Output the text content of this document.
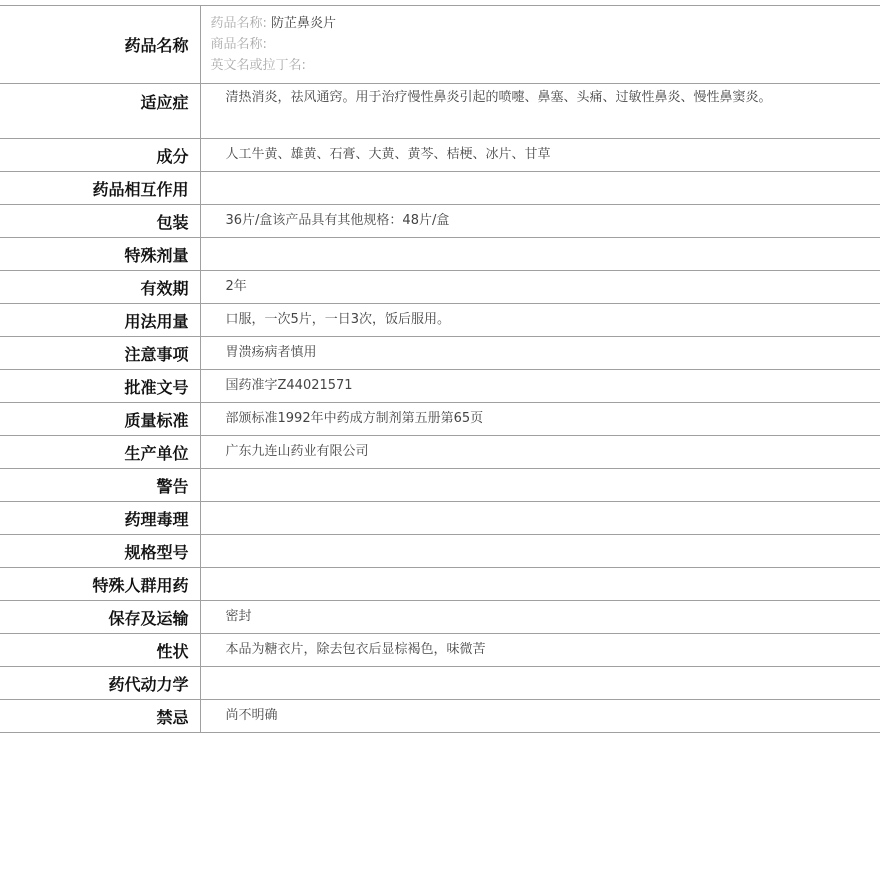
药品名称	药品名称: 防芷鼻炎片
商品名称:
英文名或拉丁名:

适应症	清热消炎，祛风通窍。用于治疗慢性鼻炎引起的喷嚏、鼻塞、头痛、过敏性鼻炎、慢性鼻窦炎。
成分	人工牛黄、雄黄、石膏、大黄、黄芩、桔梗、冰片、甘草
药品相互作用	
包装	36片/盒该产品具有其他规格：48片/盒
特殊剂量	
有效期	2年
用法用量	口服，一次5片，一日3次，饭后服用。
注意事项	胃溃疡病者慎用
批准文号	国药准字Z44021571
质量标准	部颁标准1992年中药成方制剂第五册第65页
生产单位	广东九连山药业有限公司
警告	
药理毒理	
规格型号	
特殊人群用药	
保存及运输	密封
性状	本品为糖衣片，除去包衣后显棕褐色，味微苦
药代动力学	
禁忌	尚不明确
